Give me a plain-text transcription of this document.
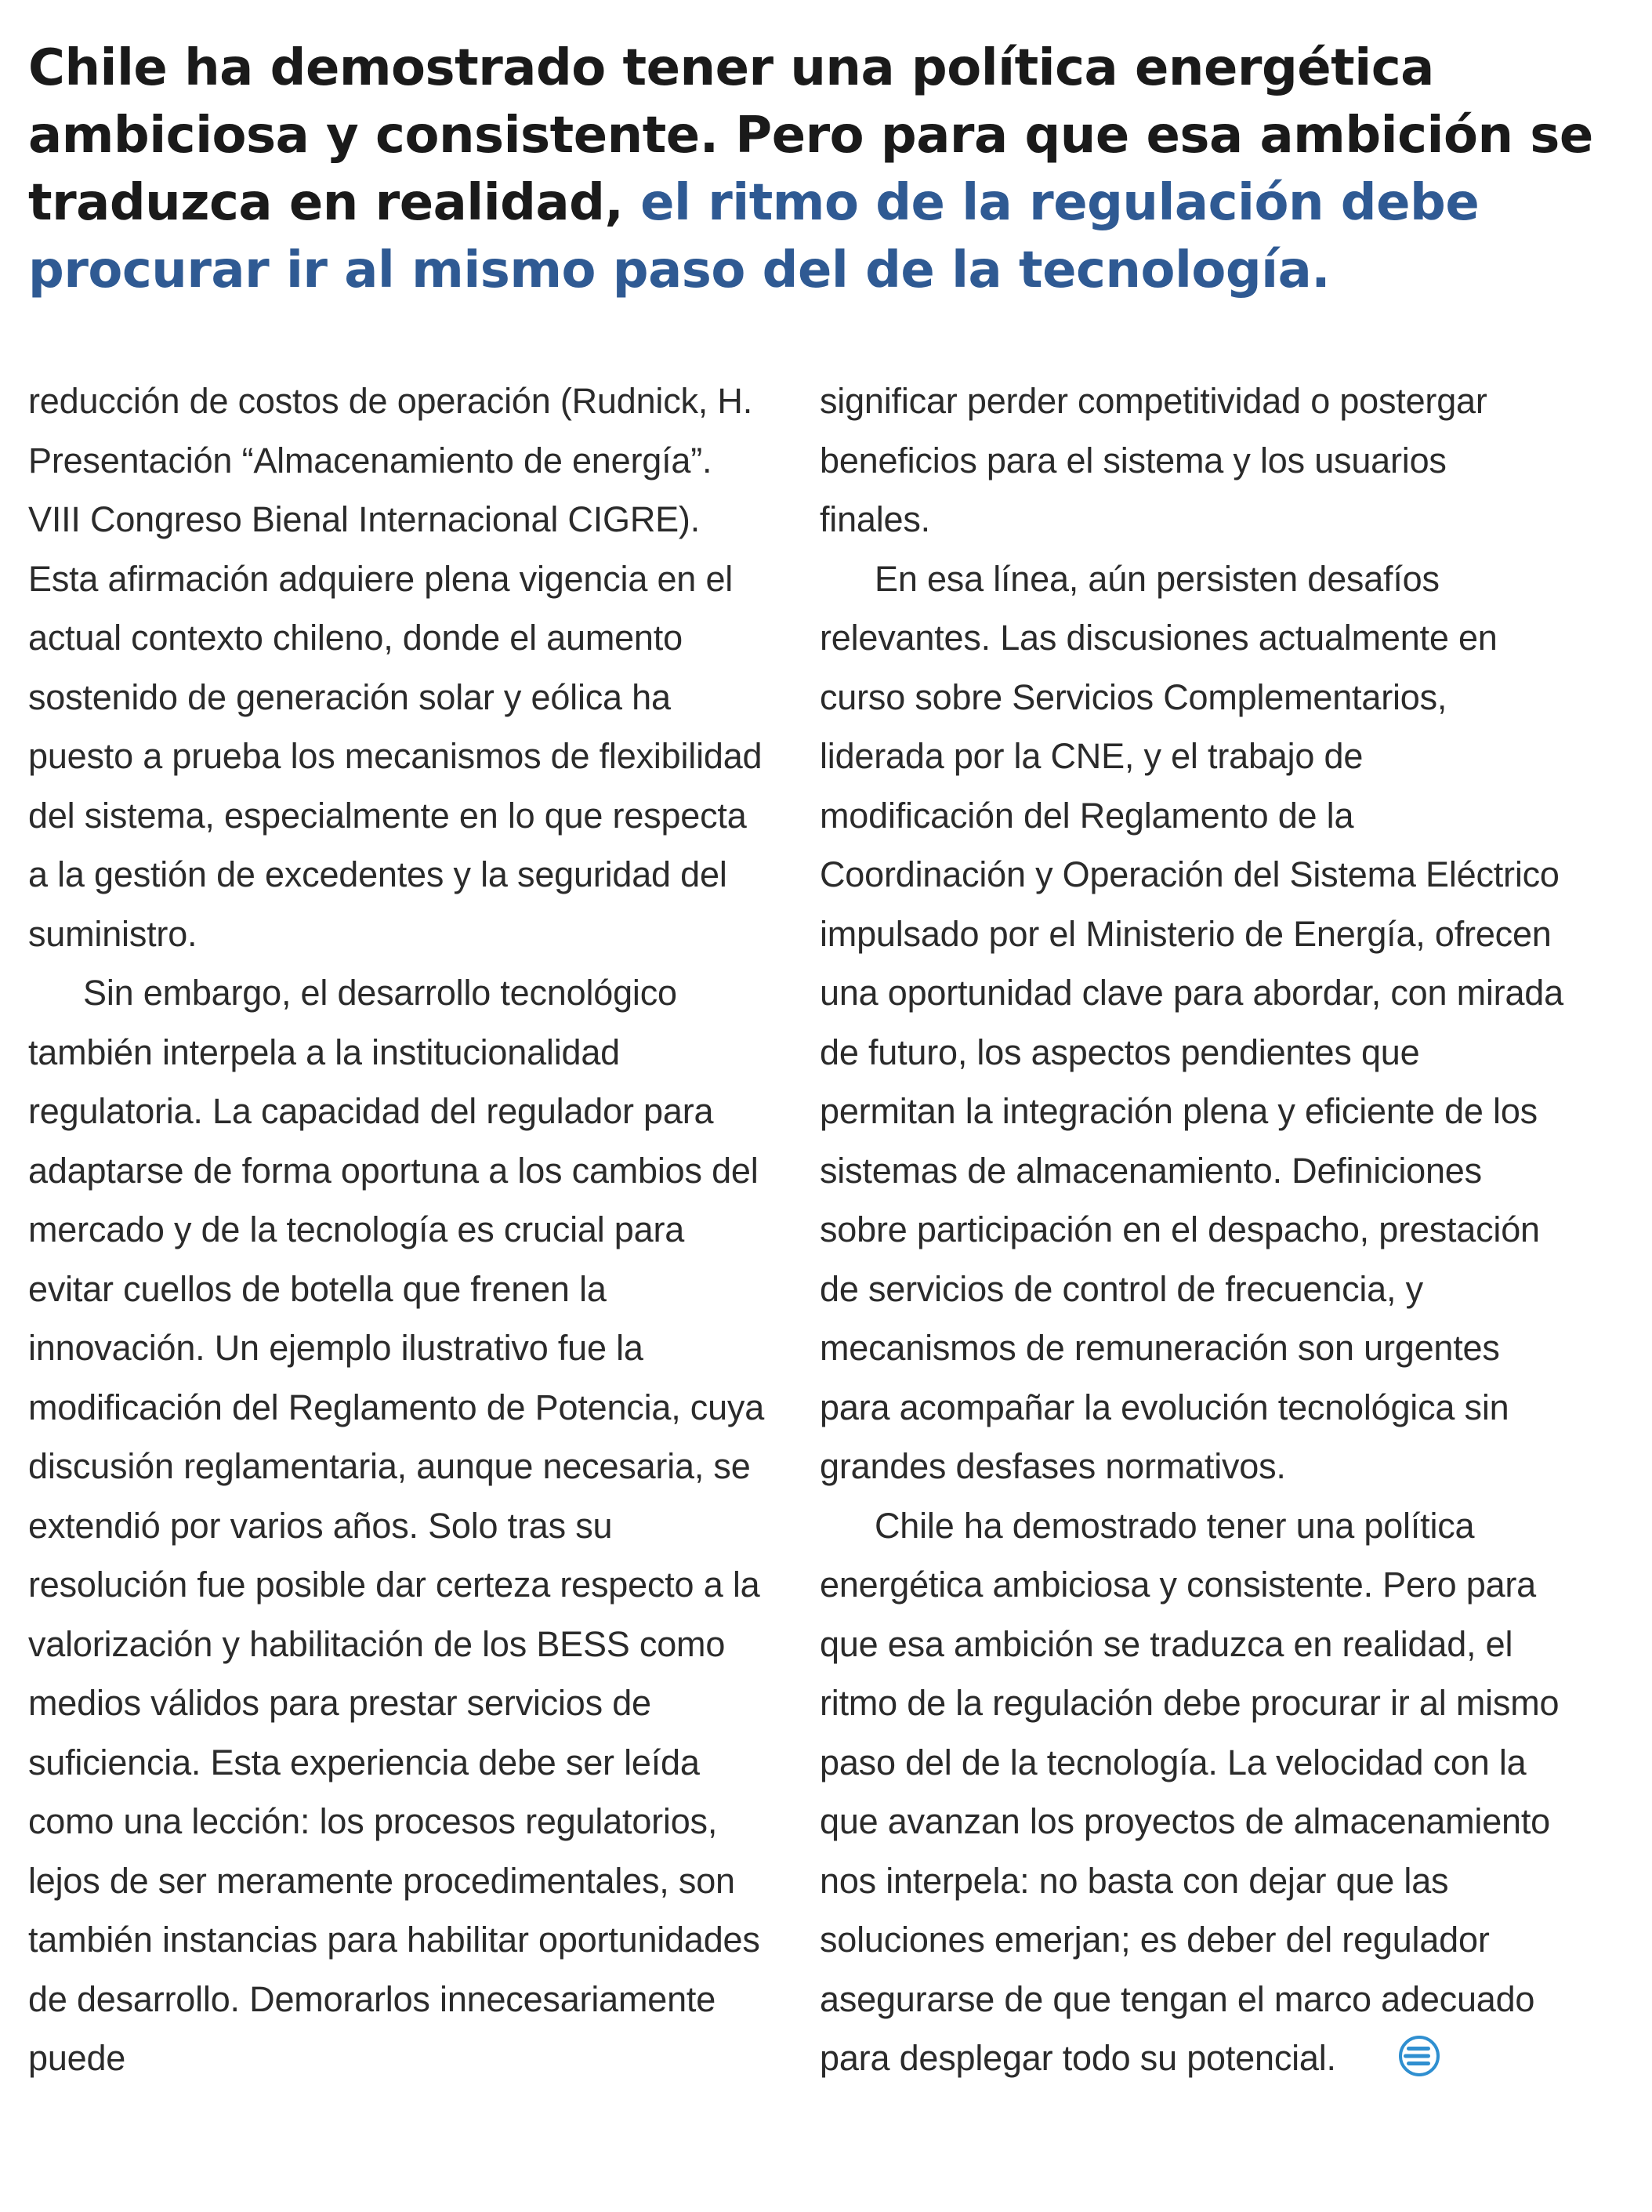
Chile ha demostrado tener una política energética ambiciosa y consistente. Pero para que esa ambición se traduzca en realidad, el ritmo de la regulación debe procurar ir al mismo paso del de la tecnología.

reducción de costos de operación (Rudnick, H. Presentación “Almacenamiento de energía”. VIII Congreso Bienal Internacional CIGRE). Esta afirmación adquiere plena vigencia en el actual contexto chileno, donde el aumento sostenido de generación solar y eólica ha puesto a prueba los mecanismos de flexibilidad del sistema, especialmente en lo que respecta a la gestión de excedentes y la seguridad del suministro.

Sin embargo, el desarrollo tecnológico también interpela a la institucionalidad regulatoria. La capacidad del regulador para adaptarse de forma oportuna a los cambios del mercado y de la tecnología es crucial para evitar cuellos de botella que frenen la innovación. Un ejemplo ilustrativo fue la modificación del Reglamento de Potencia, cuya discusión reglamentaria, aunque necesaria, se extendió por varios años. Solo tras su resolución fue posible dar certeza respecto a la valorización y habilitación de los BESS como medios válidos para prestar servicios de suficiencia. Esta experiencia debe ser leída como una lección: los procesos regulatorios, lejos de ser meramente procedimentales, son también instancias para habilitar oportunidades de desarrollo. Demorarlos innecesariamente puede

significar perder competitividad o postergar beneficios para el sistema y los usuarios finales.

En esa línea, aún persisten desafíos relevantes. Las discusiones actualmente en curso sobre Servicios Complementarios, liderada por la CNE, y el trabajo de modificación del Reglamento de la Coordinación y Operación del Sistema Eléctrico impulsado por el Ministerio de Energía, ofrecen una oportunidad clave para abordar, con mirada de futuro, los aspectos pendientes que permitan la integración plena y eficiente de los sistemas de almacenamiento. Definiciones sobre participación en el despacho, prestación de servicios de control de frecuencia, y mecanismos de remuneración son urgentes para acompañar la evolución tecnológica sin grandes desfases normativos.

Chile ha demostrado tener una política energética ambiciosa y consistente. Pero para que esa ambición se traduzca en realidad, el ritmo de la regulación debe procurar ir al mismo paso del de la tecnología. La velocidad con la que avanzan los proyectos de almacenamiento nos interpela: no basta con dejar que las soluciones emerjan; es deber del regulador asegurarse de que tengan el marco adecuado para desplegar todo su potencial.
